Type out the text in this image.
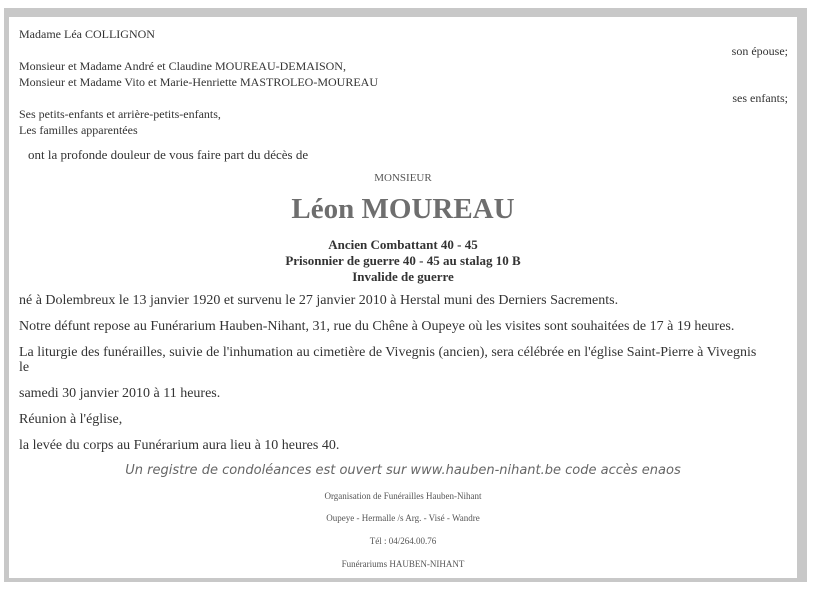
Madame Léa COLLIGNON
son épouse;
Monsieur et Madame André et Claudine MOUREAU-DEMAISON,
Monsieur et Madame Vito et Marie-Henriette MASTROLEO-MOUREAU
ses enfants;
Ses petits-enfants et arrière-petits-enfants,
Les familles apparentées
ont la profonde douleur de vous faire part du décès de
MONSIEUR
Léon MOUREAU
Ancien Combattant 40 - 45
Prisonnier de guerre 40 - 45 au stalag 10 B
Invalide de guerre
né à Dolembreux le 13 janvier 1920 et survenu le 27 janvier 2010 à Herstal muni des Derniers Sacrements.
Notre défunt repose au Funérarium Hauben-Nihant, 31, rue du Chêne à Oupeye où les visites sont souhaitées de 17 à 19 heures.
La liturgie des funérailles, suivie de l'inhumation au cimetière de Vivegnis (ancien), sera célébrée en l'église Saint-Pierre à Vivegnis
le
samedi 30 janvier 2010 à 11 heures.
Réunion à l'église,
la levée du corps au Funérarium aura lieu à 10 heures 40.
Un registre de condoléances est ouvert sur www.hauben-nihant.be code accès enaos
Organisation de Funérailles Hauben-Nihant
Oupeye - Hermalle /s Arg. - Visé - Wandre
Tél : 04/264.00.76
Funérariums HAUBEN-NIHANT
